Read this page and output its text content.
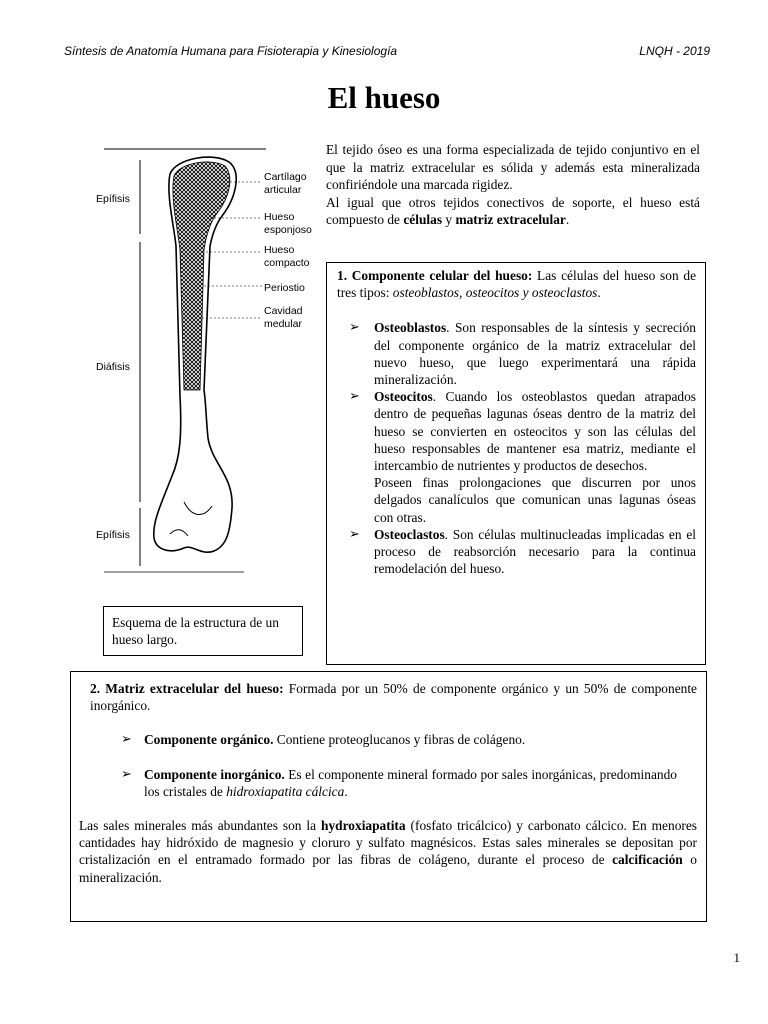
Síntesis de Anatomía Humana para Fisioterapia y Kinesiología	LNQH - 2019
El hueso

El tejido óseo es una forma especializada de tejido conjuntivo en el que la matriz extracelular es sólida y además esta mineralizada confiriéndole una marcada rigidez.

Al igual que otros tejidos conectivos de soporte, el hueso está compuesto de células y matriz extracelular.

Epífisis
Diáfisis
Epífisis
Cartílago
articular
Hueso
esponjoso
Hueso
compacto
Periostio
Cavidad
medular
Esquema de la estructura de un hueso largo.

1. Componente celular del hueso: Las células del hueso son de tres tipos: osteoblastos, osteocitos y osteoclastos.

➢ Osteoblastos. Son responsables de la síntesis y secreción del componente orgánico de la matriz extracelular del nuevo hueso, que luego experimentará una rápida mineralización.
➢ Osteocitos. Cuando los osteoblastos quedan atrapados dentro de pequeñas lagunas óseas dentro de la matriz del hueso se convierten en osteocitos y son las células del hueso responsables de mantener esa matriz, mediante el intercambio de nutrientes y productos de desechos.
Poseen finas prolongaciones que discurren por unos delgados canalículos que comunican unas lagunas óseas con otras.
➢ Osteoclastos. Son células multinucleadas implicadas en el proceso de reabsorción necesario para la continua remodelación del hueso.

2. Matriz extracelular del hueso: Formada por un 50% de componente orgánico y un 50% de componente inorgánico.

➢ Componente orgánico. Contiene proteoglucanos y fibras de colágeno.
➢ Componente inorgánico. Es el componente mineral formado por sales inorgánicas, predominando los cristales de hidroxiapatita cálcica.

Las sales minerales más abundantes son la hydroxiapatita (fosfato tricálcico) y carbonato cálcico. En menores cantidades hay hidróxido de magnesio y cloruro y sulfato magnésicos. Estas sales minerales se depositan por cristalización en el entramado formado por las fibras de colágeno, durante el proceso de calcificación o mineralización.

1
